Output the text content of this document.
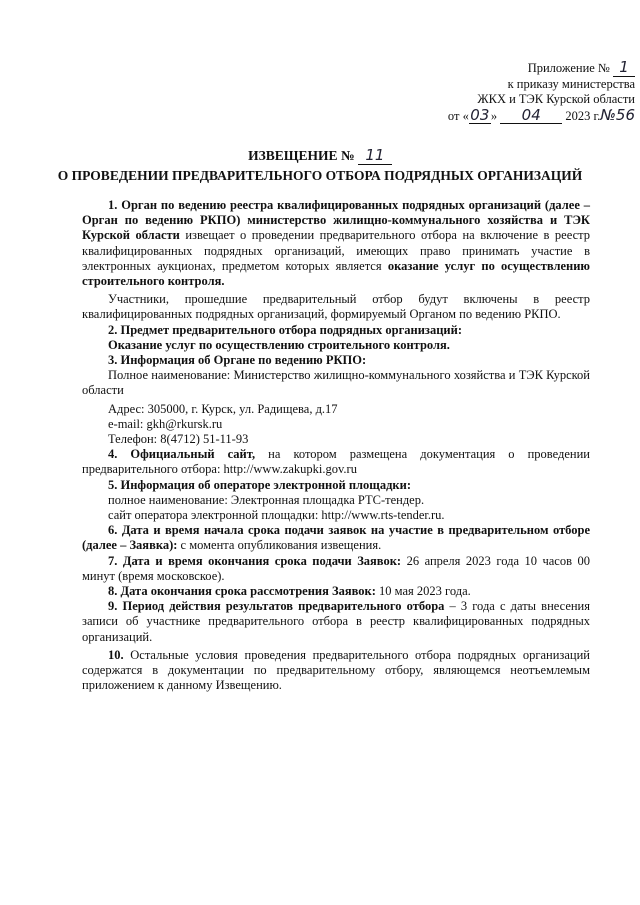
Приложение № 1
к приказу министерства
ЖКХ и ТЭК Курской области
от «03» 04 2023 г.№56
ИЗВЕЩЕНИЕ № 11
О ПРОВЕДЕНИИ ПРЕДВАРИТЕЛЬНОГО ОТБОРА ПОДРЯДНЫХ ОРГАНИЗАЦИЙ

1. Орган по ведению реестра квалифицированных подрядных организаций (далее – Орган по ведению РКПО) министерство жилищно-коммунального хозяйства и ТЭК Курской области извещает о проведении предварительного отбора на включение в реестр квалифицированных подрядных организаций, имеющих право принимать участие в электронных аукционах, предметом которых является оказание услуг по осуществлению строительного контроля.

Участники, прошедшие предварительный отбор будут включены в реестр квалифицированных подрядных организаций, формируемый Органом по ведению РКПО.

2. Предмет предварительного отбора подрядных организаций:

Оказание услуг по осуществлению строительного контроля.

3. Информация об Органе по ведению РКПО:

Полное наименование: Министерство жилищно-коммунального хозяйства и ТЭК Курской области

Адрес: 305000, г. Курск, ул. Радищева, д.17

e-mail: gkh@rkursk.ru

Телефон: 8(4712) 51-11-93

4. Официальный сайт, на котором размещена документация о проведении предварительного отбора: http://www.zakupki.gov.ru

5. Информация об операторе электронной площадки:

полное наименование: Электронная площадка РТС-тендер.

сайт оператора электронной площадки: http://www.rts-tender.ru.

6. Дата и время начала срока подачи заявок на участие в предварительном отборе (далее – Заявка): с момента опубликования извещения.

7. Дата и время окончания срока подачи Заявок: 26 апреля 2023 года 10 часов 00 минут (время московское).

8. Дата окончания срока рассмотрения Заявок: 10 мая 2023 года.

9. Период действия результатов предварительного отбора – 3 года с даты внесения записи об участнике предварительного отбора в реестр квалифицированных подрядных организаций.

10. Остальные условия проведения предварительного отбора подрядных организаций содержатся в документации по предварительному отбору, являющемся неотъемлемым приложением к данному Извещению.
